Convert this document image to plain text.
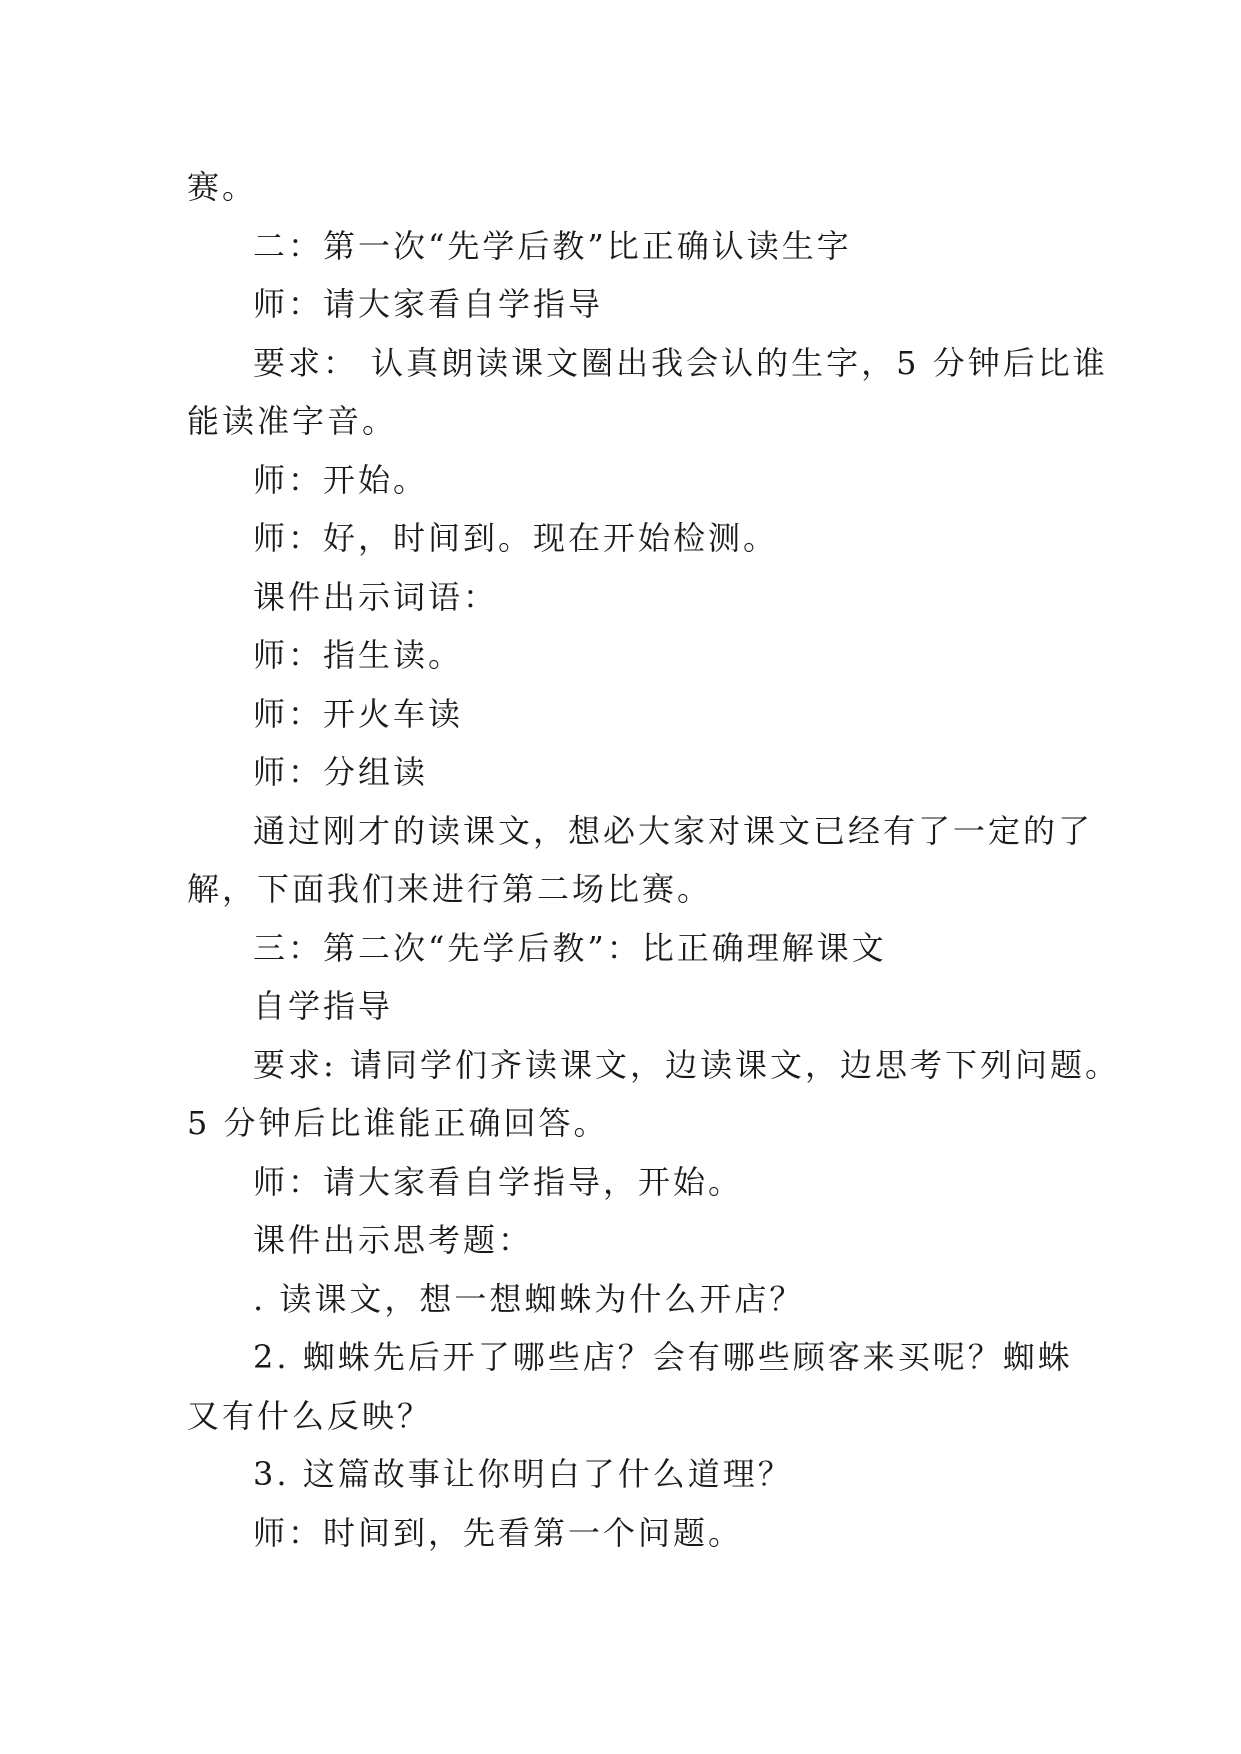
赛。
二：第一次“先学后教”比正确认读生字
师：请大家看自学指导
要求： 认真朗读课文圈出我会认的生字，5 分钟后比谁
能读准字音。
师：开始。
师：好，时间到。现在开始检测。
课件出示词语：
师：指生读。
师：开火车读
师：分组读
通过刚才的读课文，想必大家对课文已经有了一定的了
解，下面我们来进行第二场比赛。
三：第二次“先学后教”：比正确理解课文
自学指导
要求: 请同学们齐读课文，边读课文，边思考下列问题。
5 分钟后比谁能正确回答。
师：请大家看自学指导，开始。
课件出示思考题：
. 读课文，想一想蜘蛛为什么开店？
2. 蜘蛛先后开了哪些店？会有哪些顾客来买呢？蜘蛛
又有什么反映？
3. 这篇故事让你明白了什么道理？
师：时间到，先看第一个问题。
